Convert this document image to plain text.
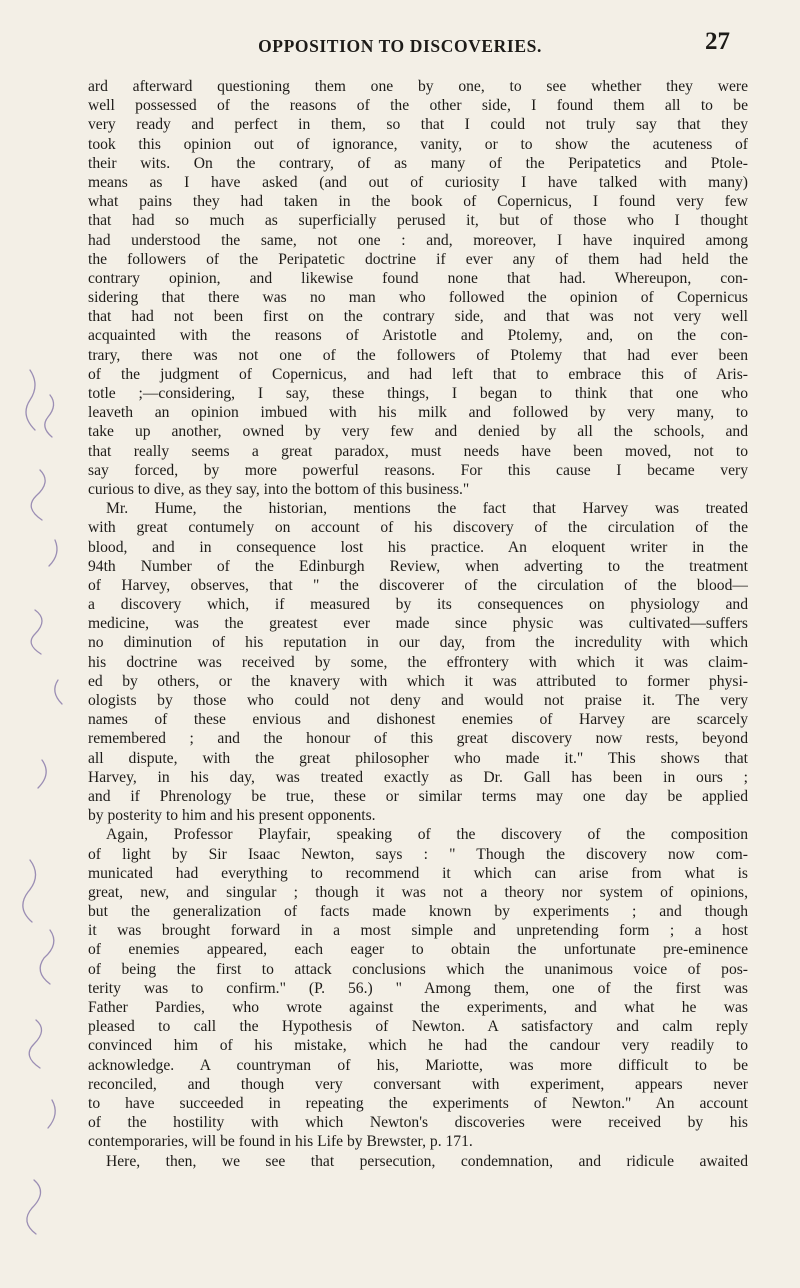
OPPOSITION TO DISCOVERIES.	27
ard afterward questioning them one by one, to see whether they were
well possessed of the reasons of the other side, I found them all to be
very ready and perfect in them, so that I could not truly say that they
took this opinion out of ignorance, vanity, or to show the acuteness of
their wits. On the contrary, of as many of the Peripatetics and Ptole-
means as I have asked (and out of curiosity I have talked with many)
what pains they had taken in the book of Copernicus, I found very few
that had so much as superficially perused it, but of those who I thought
had understood the same, not one : and, moreover, I have inquired among
the followers of the Peripatetic doctrine if ever any of them had held the
contrary opinion, and likewise found none that had. Whereupon, con-
sidering that there was no man who followed the opinion of Copernicus
that had not been first on the contrary side, and that was not very well
acquainted with the reasons of Aristotle and Ptolemy, and, on the con-
trary, there was not one of the followers of Ptolemy that had ever been
of the judgment of Copernicus, and had left that to embrace this of Aris-
totle ;—considering, I say, these things, I began to think that one who
leaveth an opinion imbued with his milk and followed by very many, to
take up another, owned by very few and denied by all the schools, and
that really seems a great paradox, must needs have been moved, not to
say forced, by more powerful reasons. For this cause I became very
curious to dive, as they say, into the bottom of this business."
Mr. Hume, the historian, mentions the fact that Harvey was treated
with great contumely on account of his discovery of the circulation of the
blood, and in consequence lost his practice. An eloquent writer in the
94th Number of the Edinburgh Review, when adverting to the treatment
of Harvey, observes, that " the discoverer of the circulation of the blood—
a discovery which, if measured by its consequences on physiology and
medicine, was the greatest ever made since physic was cultivated—suffers
no diminution of his reputation in our day, from the incredulity with which
his doctrine was received by some, the effrontery with which it was claim-
ed by others, or the knavery with which it was attributed to former physi-
ologists by those who could not deny and would not praise it. The very
names of these envious and dishonest enemies of Harvey are scarcely
remembered ; and the honour of this great discovery now rests, beyond
all dispute, with the great philosopher who made it." This shows that
Harvey, in his day, was treated exactly as Dr. Gall has been in ours ;
and if Phrenology be true, these or similar terms may one day be applied
by posterity to him and his present opponents.
Again, Professor Playfair, speaking of the discovery of the composition
of light by Sir Isaac Newton, says : " Though the discovery now com-
municated had everything to recommend it which can arise from what is
great, new, and singular ; though it was not a theory nor system of opinions,
but the generalization of facts made known by experiments ; and though
it was brought forward in a most simple and unpretending form ; a host
of enemies appeared, each eager to obtain the unfortunate pre-eminence
of being the first to attack conclusions which the unanimous voice of pos-
terity was to confirm." (P. 56.) " Among them, one of the first was
Father Pardies, who wrote against the experiments, and what he was
pleased to call the Hypothesis of Newton. A satisfactory and calm reply
convinced him of his mistake, which he had the candour very readily to
acknowledge. A countryman of his, Mariotte, was more difficult to be
reconciled, and though very conversant with experiment, appears never
to have succeeded in repeating the experiments of Newton." An account
of the hostility with which Newton's discoveries were received by his
contemporaries, will be found in his Life by Brewster, p. 171.
Here, then, we see that persecution, condemnation, and ridicule awaited
